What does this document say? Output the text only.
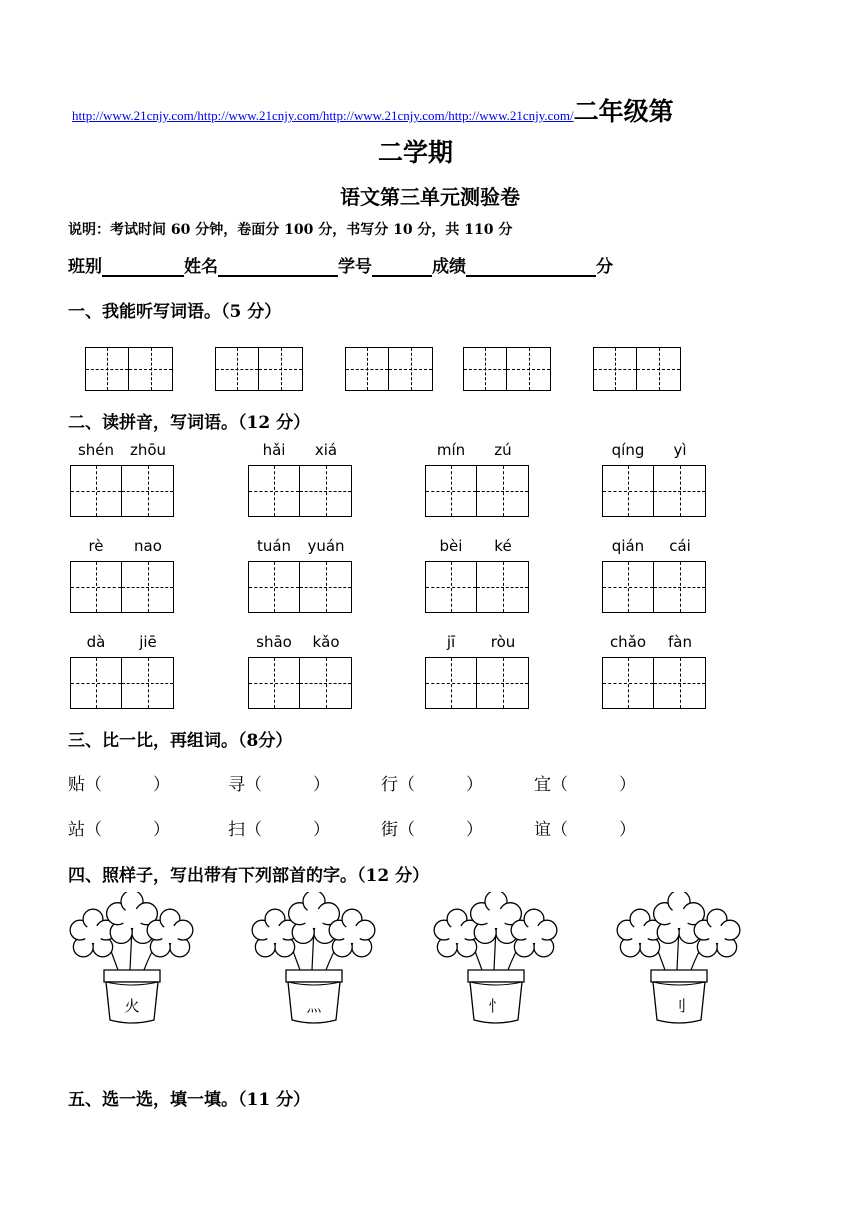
http://www.21cnjy.com/http://www.21cnjy.com/http://www.21cnjy.com/http://www.21cnjy.com/ 二年级第
二学期
语文第三单元测验卷
说明：考试时间 60 分钟，卷面分 100 分，书写分 10 分，共 110 分
班别	姓名	学号	成绩	分
一、我能听写词语。（5 分）
二、读拼音，写词语。（12 分）
shén zhōu	hǎi xiá	mín zú	qíng yì
rè nao	tuán yuán	bèi ké	qián cái
dà jiē	shāo kǎo	jī ròu	chǎo fàn
三、比一比，再组词。（8分）
贴（　　　）	寻（　　　）	行（　　　）	宜（　　　）
站（　　　）	扫（　　　）	街（　　　）	谊（　　　）
四、照样子，写出带有下列部首的字。（12 分）
火	灬	忄	刂
五、选一选，填一填。（11 分）
